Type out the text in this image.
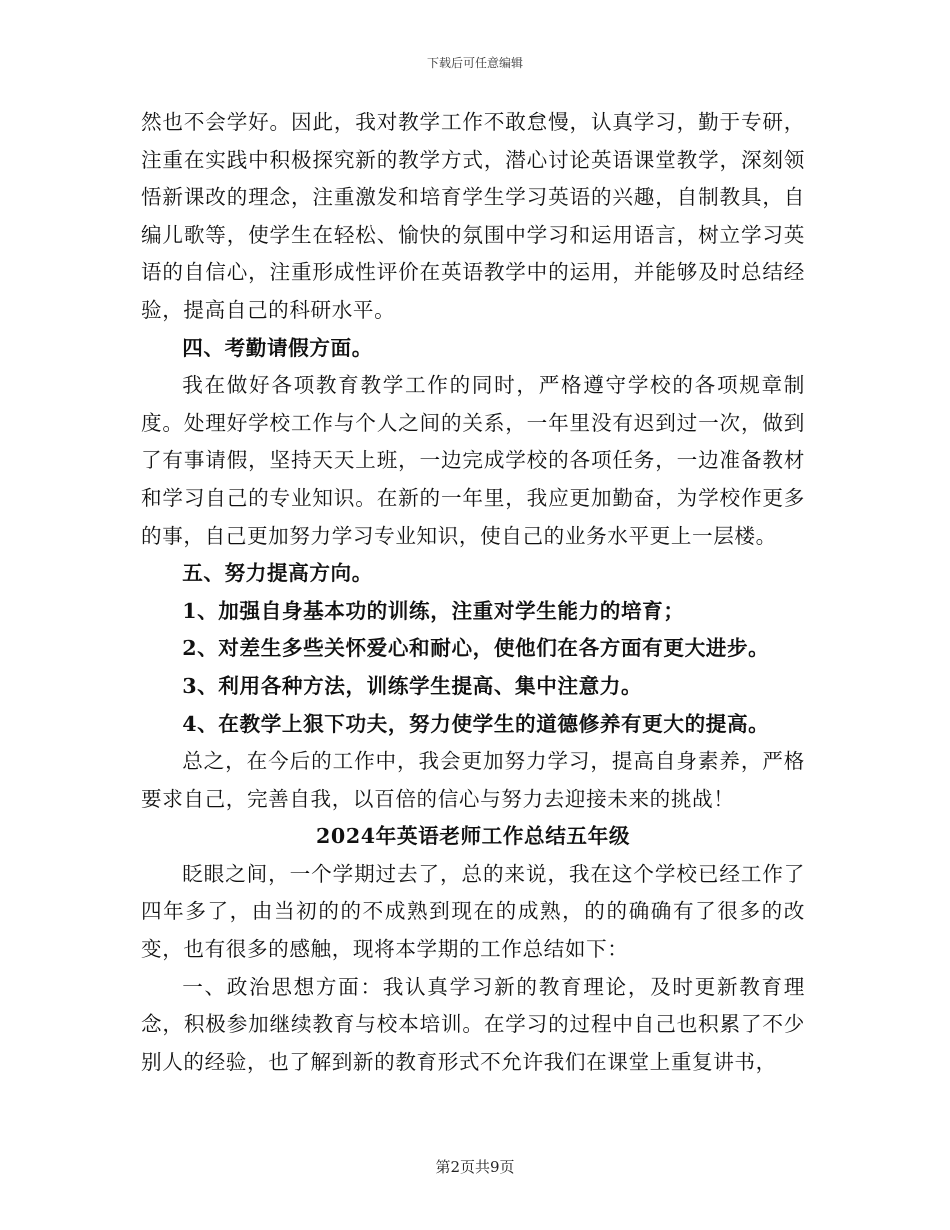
下载后可任意编辑

然也不会学好。因此，我对教学工作不敢怠慢，认真学习，勤于专研，注重在实践中积极探究新的教学方式，潜心讨论英语课堂教学，深刻领悟新课改的理念，注重激发和培育学生学习英语的兴趣，自制教具，自编儿歌等，使学生在轻松、愉快的氛围中学习和运用语言，树立学习英语的自信心，注重形成性评价在英语教学中的运用，并能够及时总结经验，提高自己的科研水平。

四、考勤请假方面。

我在做好各项教育教学工作的同时，严格遵守学校的各项规章制度。处理好学校工作与个人之间的关系，一年里没有迟到过一次，做到了有事请假，坚持天天上班，一边完成学校的各项任务，一边准备教材和学习自己的专业知识。在新的一年里，我应更加勤奋，为学校作更多的事，自己更加努力学习专业知识，使自己的业务水平更上一层楼。

五、努力提高方向。

1、加强自身基本功的训练，注重对学生能力的培育；

2、对差生多些关怀爱心和耐心，使他们在各方面有更大进步。

3、利用各种方法，训练学生提高、集中注意力。

4、在教学上狠下功夫，努力使学生的道德修养有更大的提高。

总之，在今后的工作中，我会更加努力学习，提高自身素养，严格要求自己，完善自我，以百倍的信心与努力去迎接未来的挑战！

2024年英语老师工作总结五年级

眨眼之间，一个学期过去了，总的来说，我在这个学校已经工作了四年多了，由当初的的不成熟到现在的成熟，的的确确有了很多的改变，也有很多的感触，现将本学期的工作总结如下：

一、政治思想方面：我认真学习新的教育理论，及时更新教育理念，积极参加继续教育与校本培训。在学习的过程中自己也积累了不少别人的经验，也了解到新的教育形式不允许我们在课堂上重复讲书，

第2页共9页
